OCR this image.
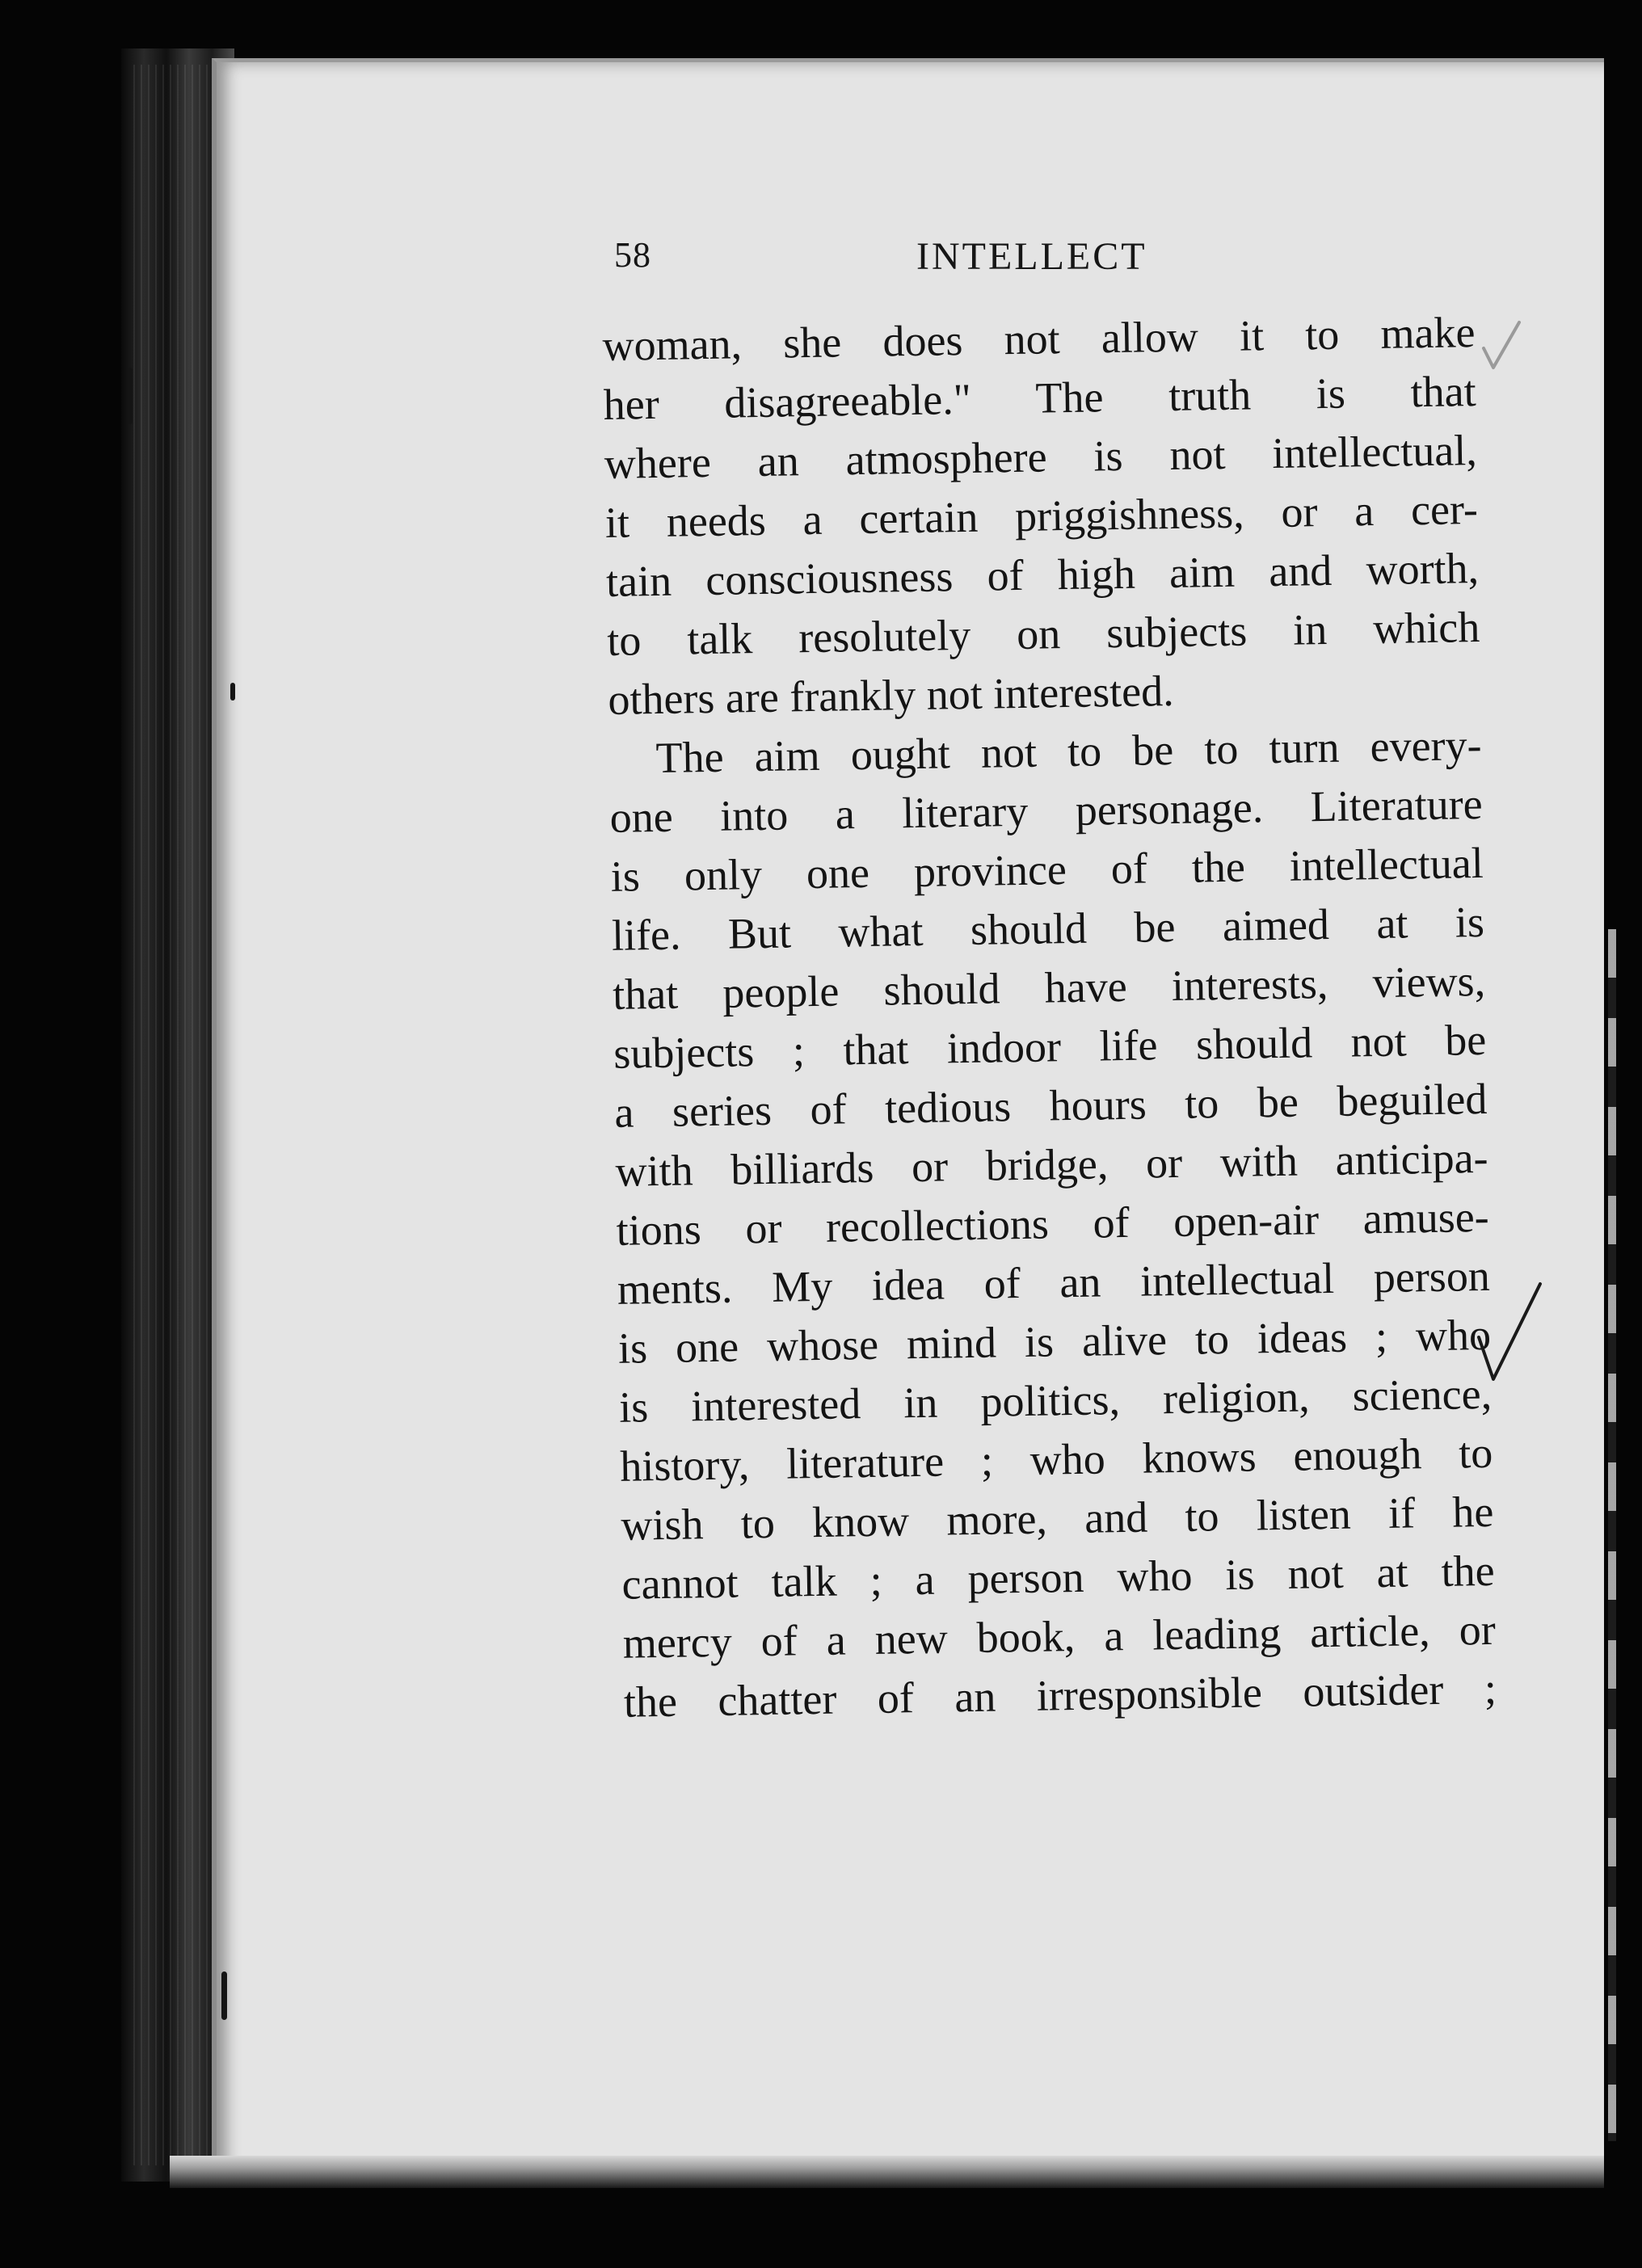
58	INTELLECT
woman, she does not allow it to make
her disagreeable." The truth is that
where an atmosphere is not intellectual,
it needs a certain priggishness, or a cer-
tain consciousness of high aim and worth,
to talk resolutely on subjects in which
others are frankly not interested.
The aim ought not to be to turn every-
one into a literary personage. Literature
is only one province of the intellectual
life. But what should be aimed at is
that people should have interests, views,
subjects ; that indoor life should not be
a series of tedious hours to be beguiled
with billiards or bridge, or with anticipa-
tions or recollections of open-air amuse-
ments. My idea of an intellectual person
is one whose mind is alive to ideas ; who
is interested in politics, religion, science,
history, literature ; who knows enough to
wish to know more, and to listen if he
cannot talk ; a person who is not at the
mercy of a new book, a leading article, or
the chatter of an irresponsible outsider ;
